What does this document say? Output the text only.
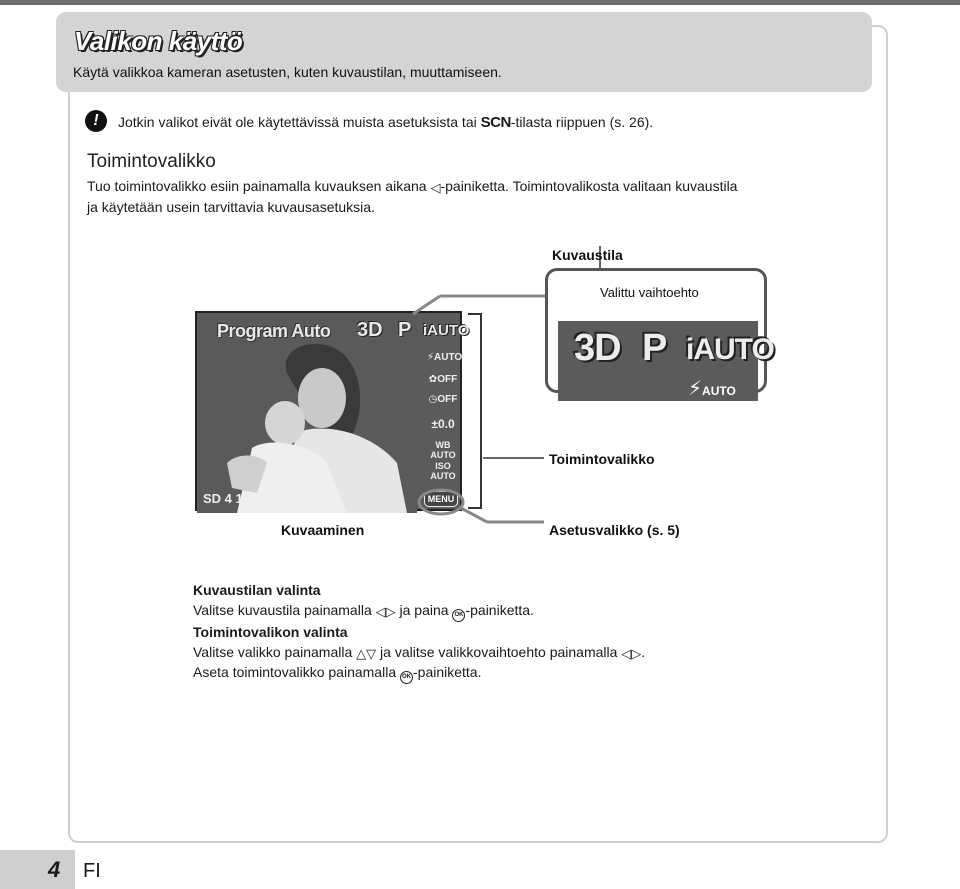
Valikon käyttö
Käytä valikkoa kameran asetusten, kuten kuvaustilan, muuttamiseen.
!	Jotkin valikot eivät ole käytettävissä muista asetuksista tai SCN-tilasta riippuen (s. 26).
Toimintovalikko
Tuo toimintovalikko esiin painamalla kuvauksen aikana ◁-painiketta. Toimintovalikosta valitaan kuvaustila
ja käytetään usein tarvittavia kuvausasetuksia.
Program Auto 3D P iAUTO
⚡AUTO
✿OFF
◷OFF
±0.0
WB AUTO
ISO AUTO
MENU
SD 4 14M NORM
Kuvaustila
Valittu vaihtoehto
3D P iAUTO
⚡AUTO
Toimintovalikko
Kuvaaminen	Asetusvalikko (s. 5)
Kuvaustilan valinta
Valitse kuvaustila painamalla ◁▷ ja paina OK -painiketta.
Toimintovalikon valinta
Valitse valikko painamalla △▽ ja valitse valikkovaihtoehto painamalla ◁▷.
Aseta toimintovalikko painamalla OK -painiketta.
4 FI
